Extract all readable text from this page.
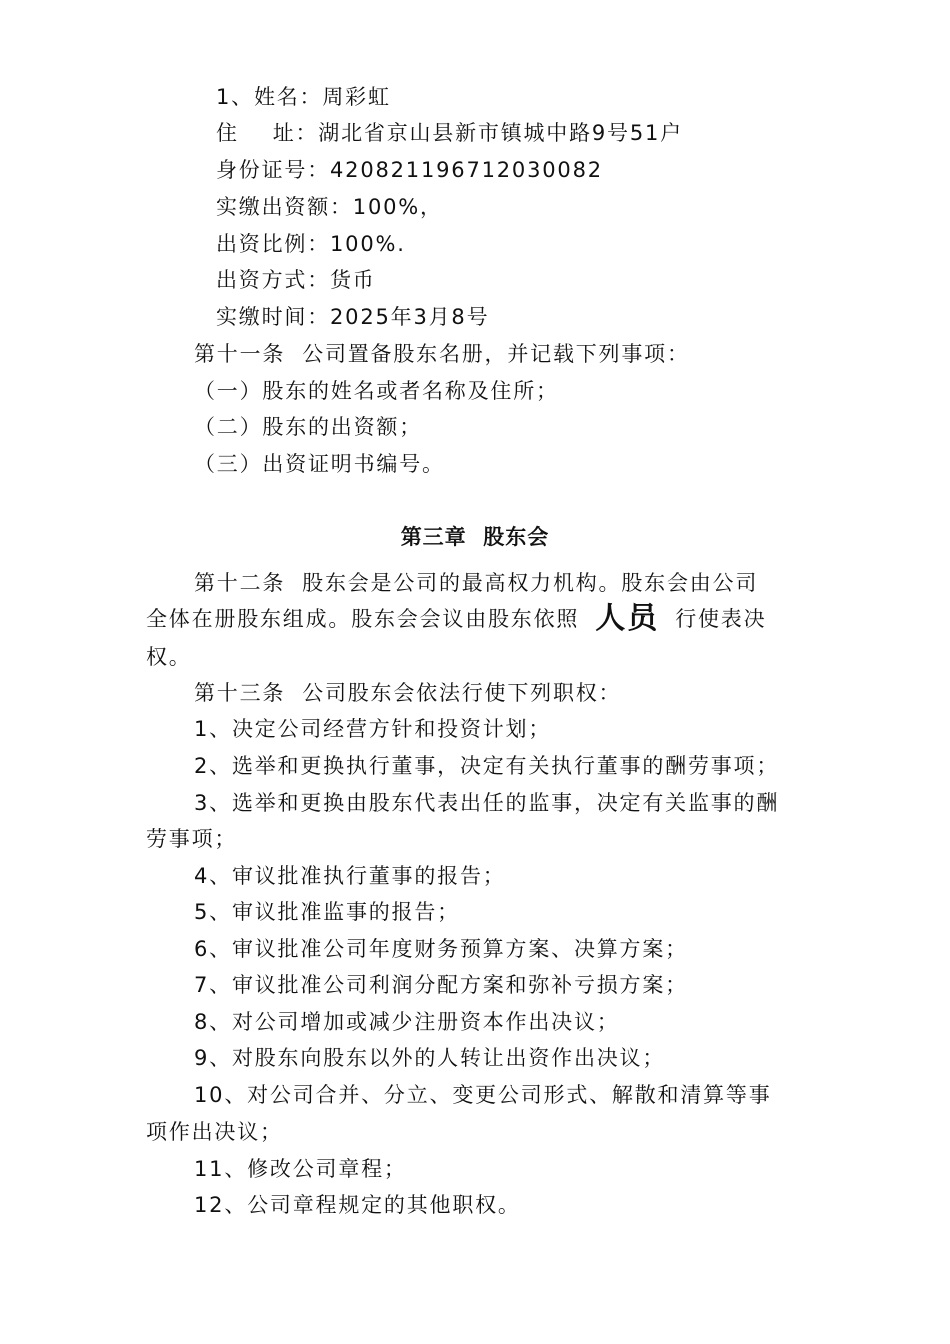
1、姓名：周彩虹
住    址：湖北省京山县新市镇城中路9号51户
身份证号：420821196712030082
实缴出资额：100%，
出资比例：100%.
出资方式：货币
实缴时间：2025年3月8号
第十一条  公司置备股东名册，并记载下列事项：
（一）股东的姓名或者名称及住所；
（二）股东的出资额；
（三）出资证明书编号。
第三章  股东会
第十二条  股东会是公司的最高权力机构。股东会由公司
全体在册股东组成。股东会会议由股东依照 人员 行使表决
权。
第十三条  公司股东会依法行使下列职权：
1、决定公司经营方针和投资计划；
2、选举和更换执行董事，决定有关执行董事的酬劳事项；
3、选举和更换由股东代表出任的监事，决定有关监事的酬
劳事项；
4、审议批准执行董事的报告；
5、审议批准监事的报告；
6、审议批准公司年度财务预算方案、决算方案；
7、审议批准公司利润分配方案和弥补亏损方案；
8、对公司增加或减少注册资本作出决议；
9、对股东向股东以外的人转让出资作出决议；
10、对公司合并、分立、变更公司形式、解散和清算等事
项作出决议；
11、修改公司章程；
12、公司章程规定的其他职权。
